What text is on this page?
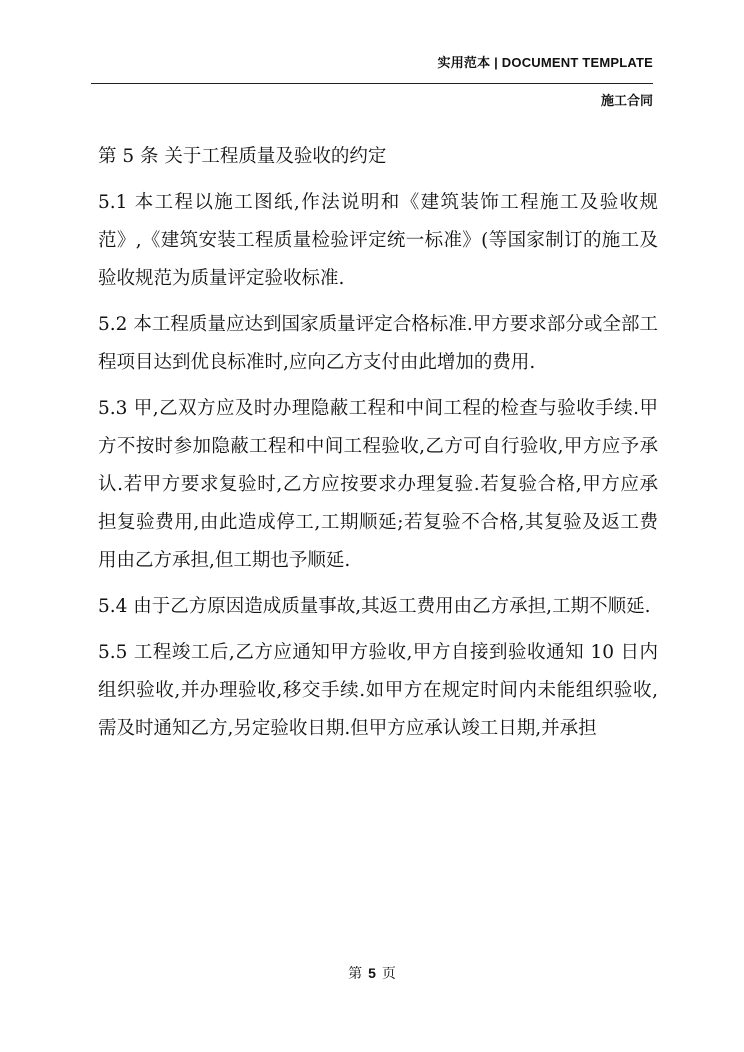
实用范本 | DOCUMENT TEMPLATE
施工合同

第 5 条 关于工程质量及验收的约定

5.1 本工程以施工图纸,作法说明和《建筑装饰工程施工及验收规范》,《建筑安装工程质量检验评定统一标准》(等国家制订的施工及验收规范为质量评定验收标准.

5.2 本工程质量应达到国家质量评定合格标准.甲方要求部分或全部工程项目达到优良标准时,应向乙方支付由此增加的费用.

5.3 甲,乙双方应及时办理隐蔽工程和中间工程的检查与验收手续.甲方不按时参加隐蔽工程和中间工程验收,乙方可自行验收,甲方应予承认.若甲方要求复验时,乙方应按要求办理复验.若复验合格,甲方应承担复验费用,由此造成停工,工期顺延;若复验不合格,其复验及返工费用由乙方承担,但工期也予顺延.

5.4 由于乙方原因造成质量事故,其返工费用由乙方承担,工期不顺延.

5.5 工程竣工后,乙方应通知甲方验收,甲方自接到验收通知 10 日内组织验收,并办理验收,移交手续.如甲方在规定时间内未能组织验收,需及时通知乙方,另定验收日期.但甲方应承认竣工日期,并承担

第 5 页
